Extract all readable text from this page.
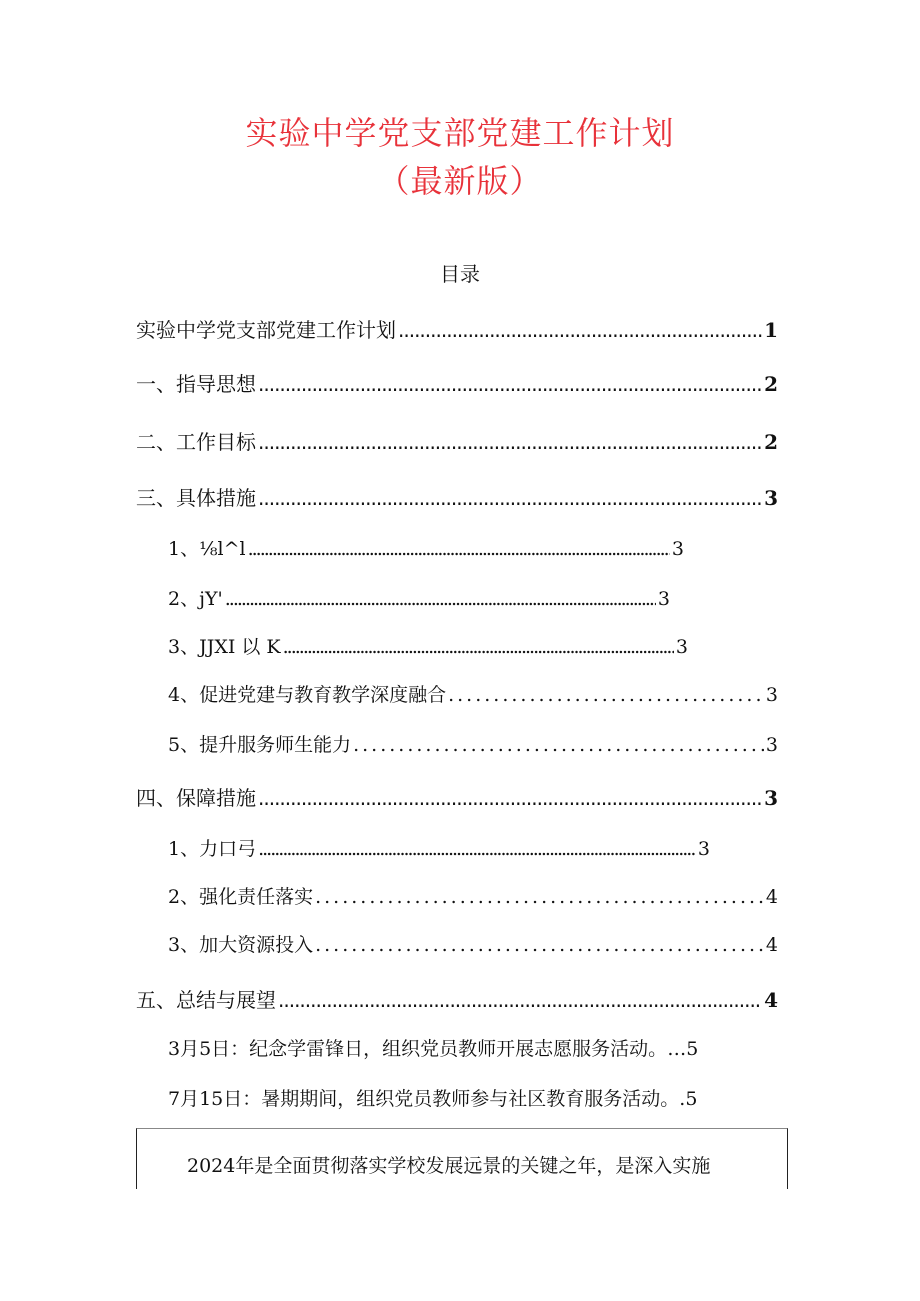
实验中学党支部党建工作计划
（最新版）
目录
实验中学党支部党建工作计划 .....	1
一、指导思想 .....	2
二、工作目标 .....	2
三、具体措施 .....	3
1、⅛l^l .....	3
2、jY' .....	3
3、JJXI 以 K .....	3
4、促进党建与教育教学深度融合 .....	3
5、提升服务师生能力 .....	3
四、保障措施 .....	3
1、力口弓 .....	3
2、强化责任落实 .....	4
3、加大资源投入 .....	4
五、总结与展望 .....	4
3月5日：纪念学雷锋日，组织党员教师开展志愿服务活动。 …5
7月15日：暑期期间，组织党员教师参与社区教育服务活动。 .5

2024年是全面贯彻落实学校发展远景的关键之年，是深入实施
